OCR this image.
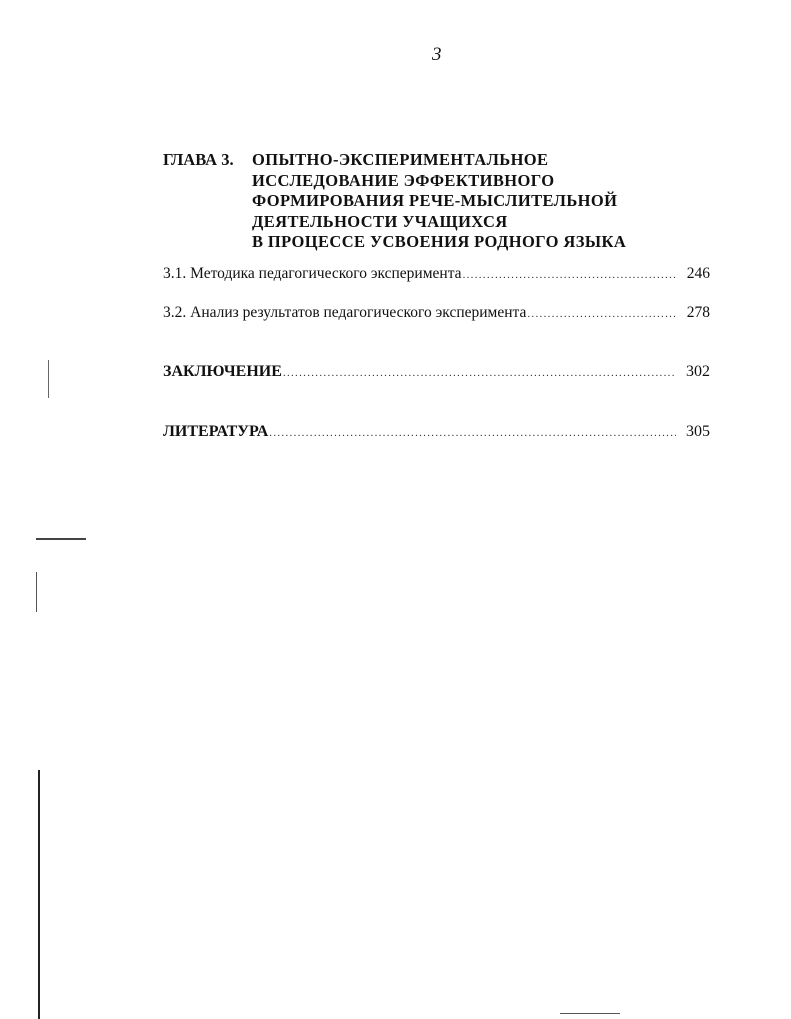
3
ГЛАВА 3. ОПЫТНО-ЭКСПЕРИМЕНТАЛЬНОЕ
ИССЛЕДОВАНИЕ ЭФФЕКТИВНОГО
ФОРМИРОВАНИЯ РЕЧЕ-МЫСЛИТЕЛЬНОЙ
ДЕЯТЕЛЬНОСТИ УЧАЩИХСЯ
В ПРОЦЕССЕ УСВОЕНИЯ РОДНОГО ЯЗЫКА
3.1. Методика педагогического эксперимента .....	246
3.2. Анализ результатов педагогического эксперимента .....	278
ЗАКЛЮЧЕНИЕ .....	302
ЛИТЕРАТУРА .....	305
